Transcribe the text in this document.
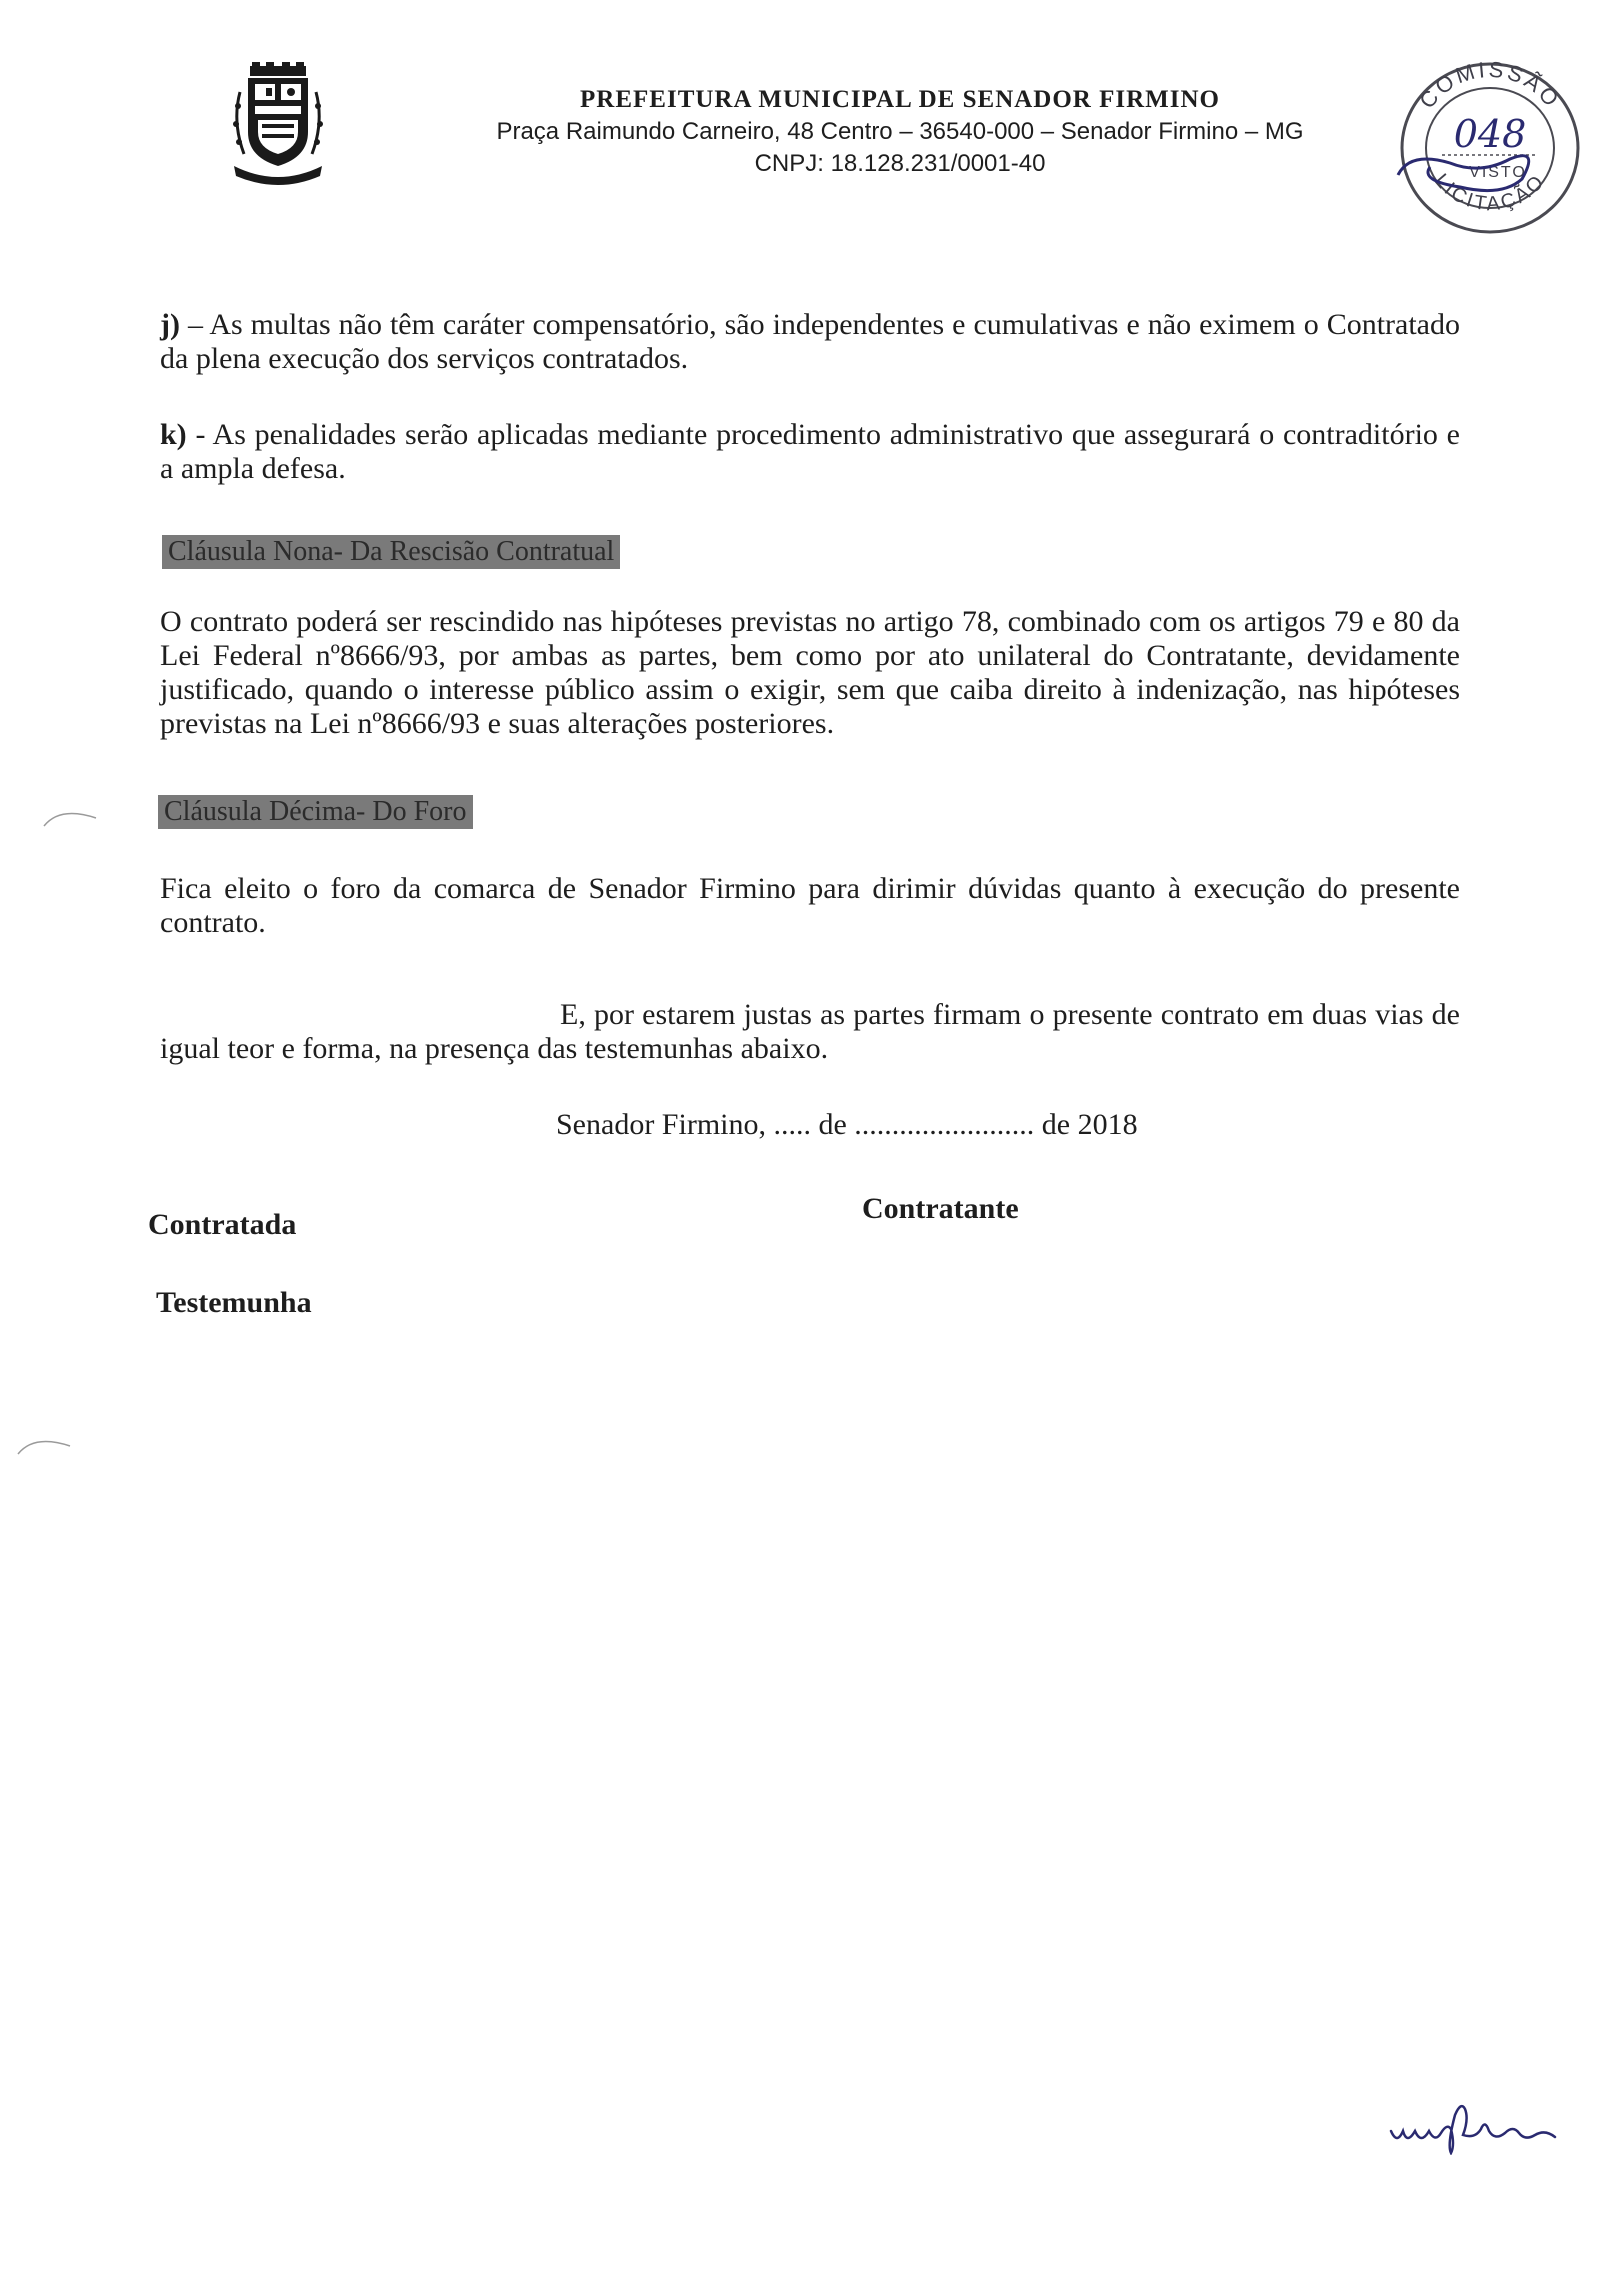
PREFEITURA MUNICIPAL DE SENADOR FIRMINO

Praça Raimundo Carneiro, 48 Centro – 36540-000 – Senador Firmino – MG

CNPJ: 18.128.231/0001-40

COMISSÃO
LICITAÇÃO
048
VISTO

j) – As multas não têm caráter compensatório, são independentes e cumulativas e não eximem o Contratado da plena execução dos serviços contratados.

k) - As penalidades serão aplicadas mediante procedimento administrativo que assegurará o contraditório e a ampla defesa.

Cláusula Nona- Da Rescisão Contratual

O contrato poderá ser rescindido nas hipóteses previstas no artigo 78, combinado com os artigos 79 e 80 da Lei Federal nº8666/93, por ambas as partes, bem como por ato unilateral do Contratante, devidamente justificado, quando o interesse público assim o exigir, sem que caiba direito à indenização, nas hipóteses previstas na Lei nº8666/93 e suas alterações posteriores.

Cláusula Décima- Do Foro

Fica eleito o foro da comarca de Senador Firmino para dirimir dúvidas quanto à execução do presente contrato.

E, por estarem justas as partes firmam o presente contrato em duas vias de igual teor e forma, na presença das testemunhas abaixo.

Senador Firmino, ..... de ........................ de 2018
Contratada	Contratante
Testemunha
